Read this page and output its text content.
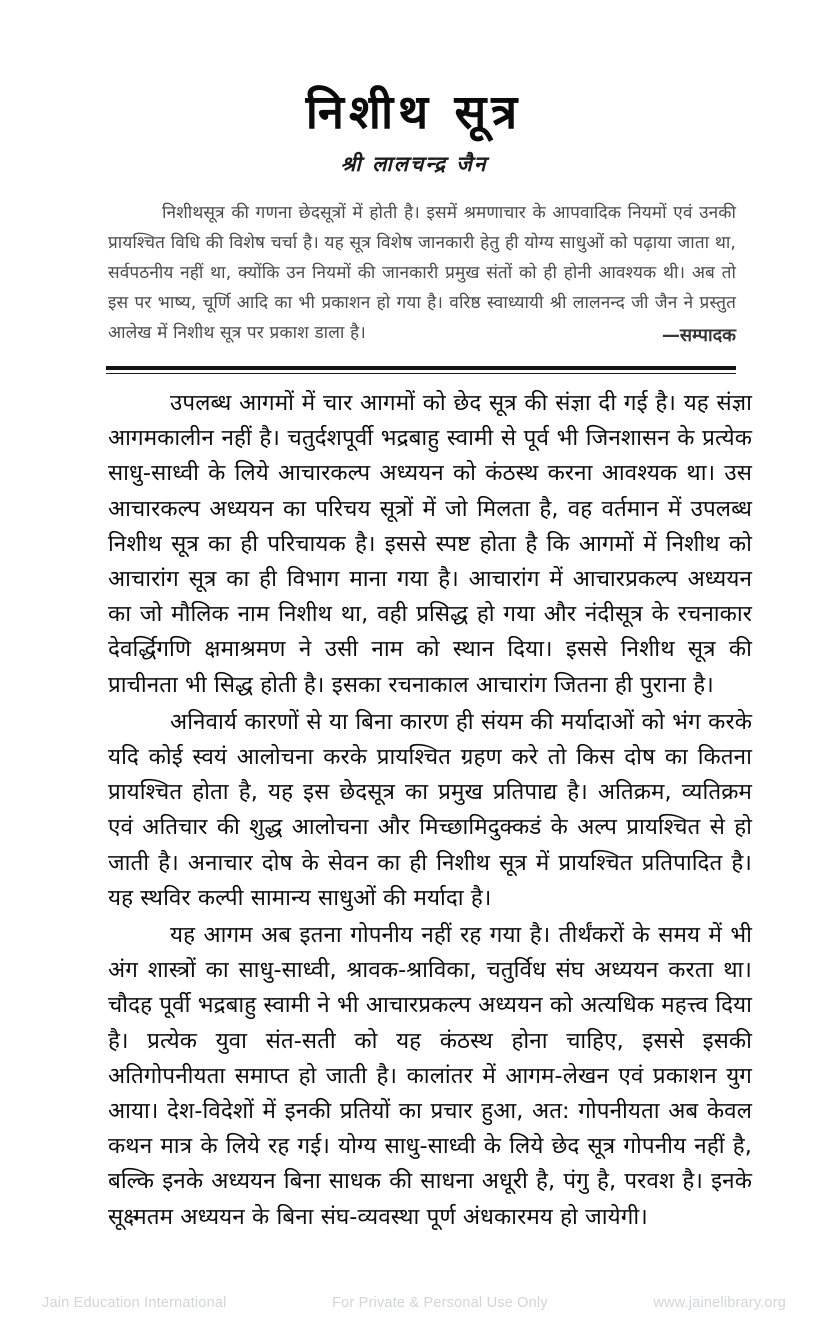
निशीथ सूत्र
श्री लालचन्द्र जैन
निशीथसूत्र की गणना छेदसूत्रों में होती है। इसमें श्रमणाचार के आपवादिक नियमों एवं उनकी प्रायश्चित विधि की विशेष चर्चा है। यह सूत्र विशेष जानकारी हेतु ही योग्य साधुओं को पढ़ाया जाता था, सर्वपठनीय नहीं था, क्योंकि उन नियमों की जानकारी प्रमुख संतों को ही होनी आवश्यक थी। अब तो इस पर भाष्य, चूर्णि आदि का भी प्रकाशन हो गया है। वरिष्ठ स्वाध्यायी श्री लालनन्द जी जैन ने प्रस्तुत आलेख में निशीथ सूत्र पर प्रकाश डाला है।	—सम्पादक

उपलब्ध आगमों में चार आगमों को छेद सूत्र की संज्ञा दी गई है। यह संज्ञा आगमकालीन नहीं है। चतुर्दशपूर्वी भद्रबाहु स्वामी से पूर्व भी जिनशासन के प्रत्येक साधु-साध्वी के लिये आचारकल्प अध्ययन को कंठस्थ करना आवश्यक था। उस आचारकल्प अध्ययन का परिचय सूत्रों में जो मिलता है, वह वर्तमान में उपलब्ध निशीथ सूत्र का ही परिचायक है। इससे स्पष्ट होता है कि आगमों में निशीथ को आचारांग सूत्र का ही विभाग माना गया है। आचारांग में आचारप्रकल्प अध्ययन का जो मौलिक नाम निशीथ था, वही प्रसिद्ध हो गया और नंदीसूत्र के रचनाकार देवर्द्धिगणि क्षमाश्रमण ने उसी नाम को स्थान दिया। इससे निशीथ सूत्र की प्राचीनता भी सिद्ध होती है। इसका रचनाकाल आचारांग जितना ही पुराना है।

अनिवार्य कारणों से या बिना कारण ही संयम की मर्यादाओं को भंग करके यदि कोई स्वयं आलोचना करके प्रायश्चित ग्रहण करे तो किस दोष का कितना प्रायश्चित होता है, यह इस छेदसूत्र का प्रमुख प्रतिपाद्य है। अतिक्रम, व्यतिक्रम एवं अतिचार की शुद्ध आलोचना और मिच्छामिदुक्कडं के अल्प प्रायश्चित से हो जाती है। अनाचार दोष के सेवन का ही निशीथ सूत्र में प्रायश्चित प्रतिपादित है। यह स्थविर कल्पी सामान्य साधुओं की मर्यादा है।

यह आगम अब इतना गोपनीय नहीं रह गया है। तीर्थंकरों के समय में भी अंग शास्त्रों का साधु-साध्वी, श्रावक-श्राविका, चतुर्विध संघ अध्ययन करता था। चौदह पूर्वी भद्रबाहु स्वामी ने भी आचारप्रकल्प अध्ययन को अत्यधिक महत्त्व दिया है। प्रत्येक युवा संत-सती को यह कंठस्थ होना चाहिए, इससे इसकी अतिगोपनीयता समाप्त हो जाती है। कालांतर में आगम-लेखन एवं प्रकाशन युग आया। देश-विदेशों में इनकी प्रतियों का प्रचार हुआ, अत: गोपनीयता अब केवल कथन मात्र के लिये रह गई। योग्य साधु-साध्वी के लिये छेद सूत्र गोपनीय नहीं है, बल्कि इनके अध्ययन बिना साधक की साधना अधूरी है, पंगु है, परवश है। इनके सूक्ष्मतम अध्ययन के बिना संघ-व्यवस्था पूर्ण अंधकारमय हो जायेगी।

Jain Education International	For Private & Personal Use Only	www.jainelibrary.org
